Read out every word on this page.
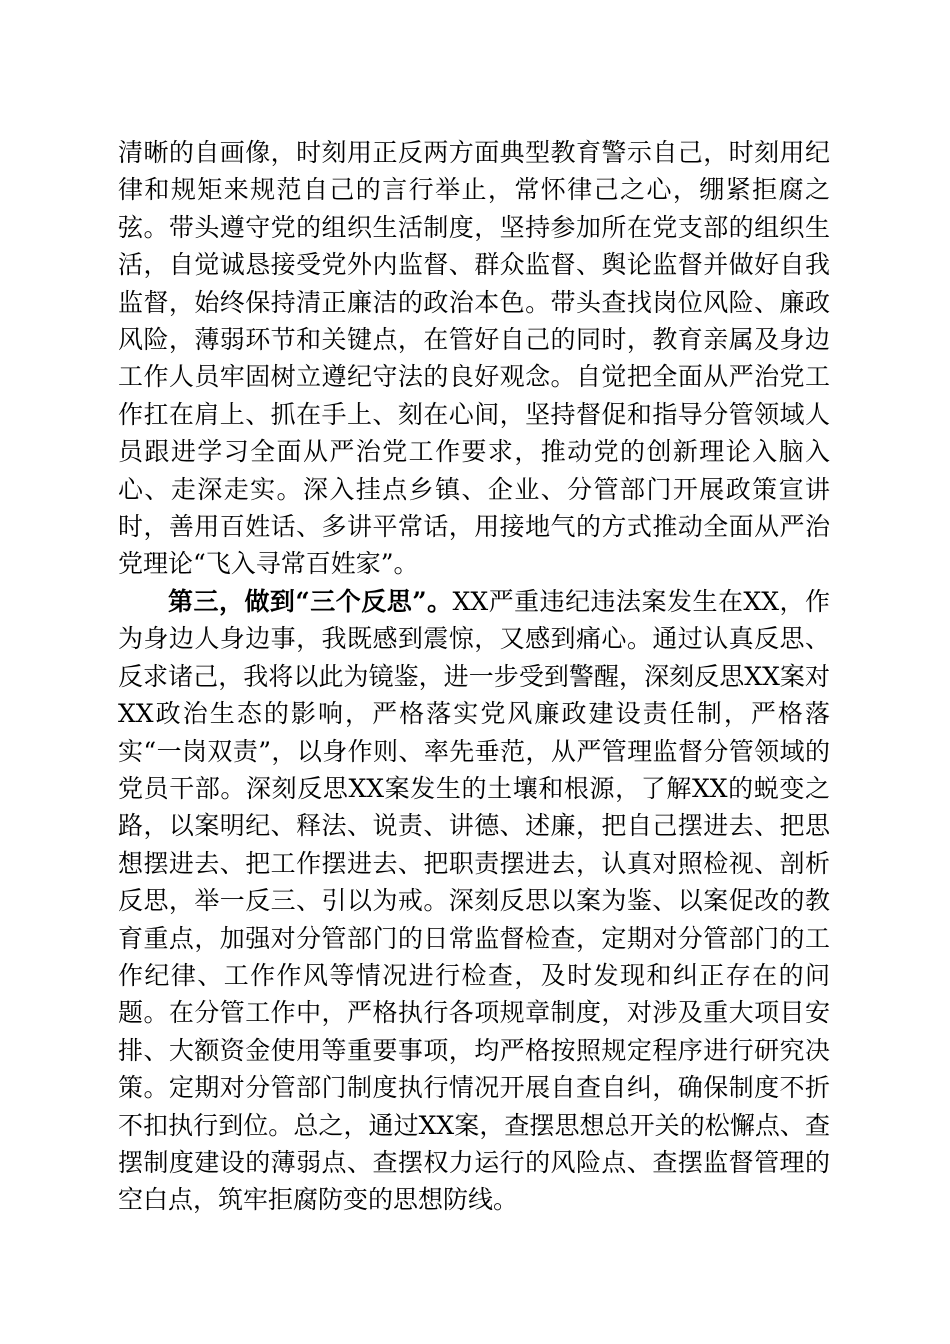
清晰的自画像，时刻用正反两方面典型教育警示自己，时刻用纪律和规矩来规范自己的言行举止，常怀律己之心，绷紧拒腐之弦。带头遵守党的组织生活制度，坚持参加所在党支部的组织生活，自觉诚恳接受党外内监督、群众监督、舆论监督并做好自我监督，始终保持清正廉洁的政治本色。带头查找岗位风险、廉政风险，薄弱环节和关键点，在管好自己的同时，教育亲属及身边工作人员牢固树立遵纪守法的良好观念。自觉把全面从严治党工作扛在肩上、抓在手上、刻在心间，坚持督促和指导分管领域人员跟进学习全面从严治党工作要求，推动党的创新理论入脑入心、走深走实。深入挂点乡镇、企业、分管部门开展政策宣讲时，善用百姓话、多讲平常话，用接地气的方式推动全面从严治党理论“飞入寻常百姓家”。

第三，做到“三个反思”。XX严重违纪违法案发生在XX，作为身边人身边事，我既感到震惊，又感到痛心。通过认真反思、反求诸己，我将以此为镜鉴，进一步受到警醒，深刻反思XX案对XX政治生态的影响，严格落实党风廉政建设责任制，严格落实“一岗双责”，以身作则、率先垂范，从严管理监督分管领域的党员干部。深刻反思XX案发生的土壤和根源，了解XX的蜕变之路，以案明纪、释法、说责、讲德、述廉，把自己摆进去、把思想摆进去、把工作摆进去、把职责摆进去，认真对照检视、剖析反思，举一反三、引以为戒。深刻反思以案为鉴、以案促改的教育重点，加强对分管部门的日常监督检查，定期对分管部门的工作纪律、工作作风等情况进行检查，及时发现和纠正存在的问题。在分管工作中，严格执行各项规章制度，对涉及重大项目安排、大额资金使用等重要事项，均严格按照规定程序进行研究决策。定期对分管部门制度执行情况开展自查自纠，确保制度不折不扣执行到位。总之，通过XX案，查摆思想总开关的松懈点、查摆制度建设的薄弱点、查摆权力运行的风险点、查摆监督管理的空白点，筑牢拒腐防变的思想防线。
